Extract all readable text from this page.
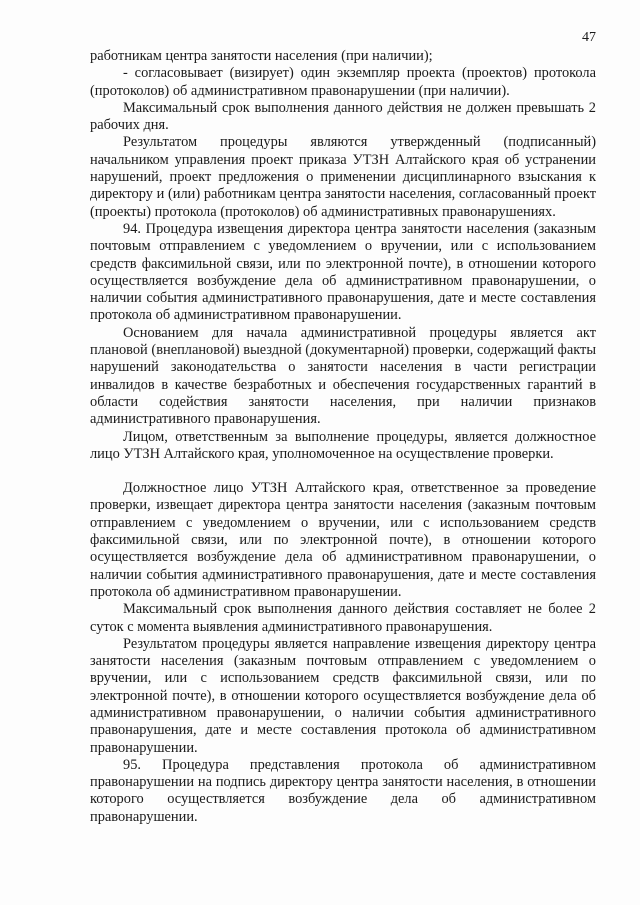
47

работникам центра занятости населения (при наличии);

- согласовывает (визирует) один экземпляр проекта (проектов) протокола (протоколов) об административном правонарушении (при наличии).

Максимальный срок выполнения данного действия не должен превышать 2 рабочих дня.

Результатом процедуры являются утвержденный (подписанный) начальником управления проект приказа УТЗН Алтайского края об устранении нарушений, проект предложения о применении дисциплинарного взыскания к директору и (или) работникам центра занятости населения, согласованный проект (проекты) протокола (протоколов) об административных правонарушениях.

94. Процедура извещения директора центра занятости населения (заказным почтовым отправлением с уведомлением о вручении, или с использованием средств факсимильной связи, или по электронной почте), в отношении которого осуществляется возбуждение дела об административном правонарушении, о наличии события административного правонарушения, дате и месте составления протокола об административном правонарушении.

Основанием для начала административной процедуры является акт плановой (внеплановой) выездной (документарной) проверки, содержащий факты нарушений законодательства о занятости населения в части регистрации инвалидов в качестве безработных и обеспечения государственных гарантий в области содействия занятости населения, при наличии признаков административного правонарушения.

Лицом, ответственным за выполнение процедуры, является должностное лицо УТЗН Алтайского края, уполномоченное на осуществление проверки.

Должностное лицо УТЗН Алтайского края, ответственное за проведение проверки, извещает директора центра занятости населения (заказным почтовым отправлением с уведомлением о вручении, или с использованием средств факсимильной связи, или по электронной почте), в отношении которого осуществляется возбуждение дела об административном правонарушении, о наличии события административного правонарушения, дате и месте составления протокола об административном правонарушении.

Максимальный срок выполнения данного действия составляет не более 2 суток с момента выявления административного правонарушения.

Результатом процедуры является направление извещения директору центра занятости населения (заказным почтовым отправлением с уведомлением о вручении, или с использованием средств факсимильной связи, или по электронной почте), в отношении которого осуществляется возбуждение дела об административном правонарушении, о наличии события административного правонарушения, дате и месте составления протокола об административном правонарушении.

95. Процедура представления протокола об административном правонарушении на подпись директору центра занятости населения, в отношении которого осуществляется возбуждение дела об административном правонарушении.
